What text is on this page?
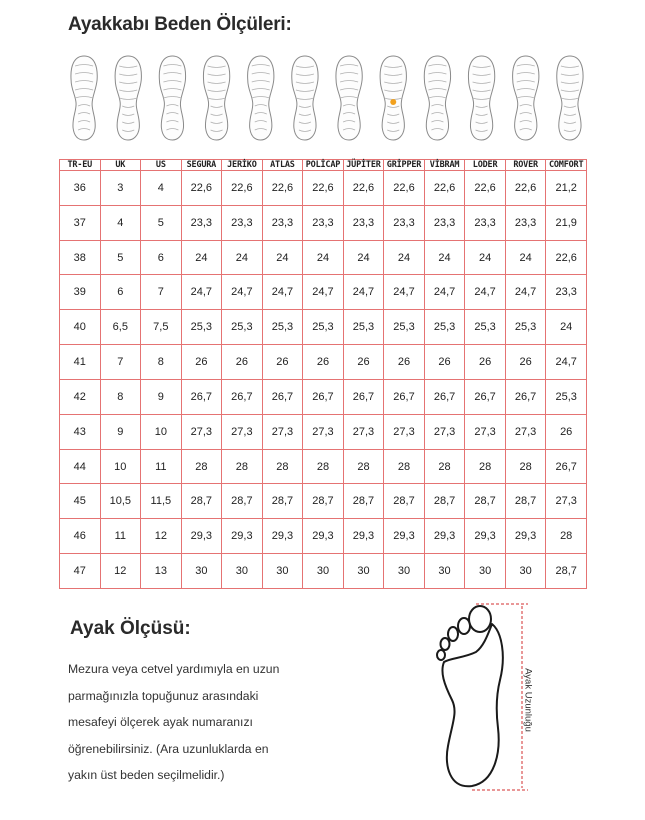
Ayakkabı Beden Ölçüleri:
TR-EU	UK	US	SEGURA	JERİKO	ATLAS	POLİCAP	JÜPİTER	GRİPPER	VİBRAM	LODER	ROVER	COMFORT
36	3	4	22,6	22,6	22,6	22,6	22,6	22,6	22,6	22,6	22,6	21,2
37	4	5	23,3	23,3	23,3	23,3	23,3	23,3	23,3	23,3	23,3	21,9
38	5	6	24	24	24	24	24	24	24	24	24	22,6
39	6	7	24,7	24,7	24,7	24,7	24,7	24,7	24,7	24,7	24,7	23,3
40	6,5	7,5	25,3	25,3	25,3	25,3	25,3	25,3	25,3	25,3	25,3	24
41	7	8	26	26	26	26	26	26	26	26	26	24,7
42	8	9	26,7	26,7	26,7	26,7	26,7	26,7	26,7	26,7	26,7	25,3
43	9	10	27,3	27,3	27,3	27,3	27,3	27,3	27,3	27,3	27,3	26
44	10	11	28	28	28	28	28	28	28	28	28	26,7
45	10,5	11,5	28,7	28,7	28,7	28,7	28,7	28,7	28,7	28,7	28,7	27,3
46	11	12	29,3	29,3	29,3	29,3	29,3	29,3	29,3	29,3	29,3	28
47	12	13	30	30	30	30	30	30	30	30	30	28,7
Ayak Ölçüsü:
Mezura veya cetvel yardımıyla en uzun
parmağınızla topuğunuz arasındaki
mesafeyi ölçerek ayak numaranızı
öğrenebilirsiniz. (Ara uzunluklarda en
yakın üst beden seçilmelidir.)
Ayak Uzunluğu
